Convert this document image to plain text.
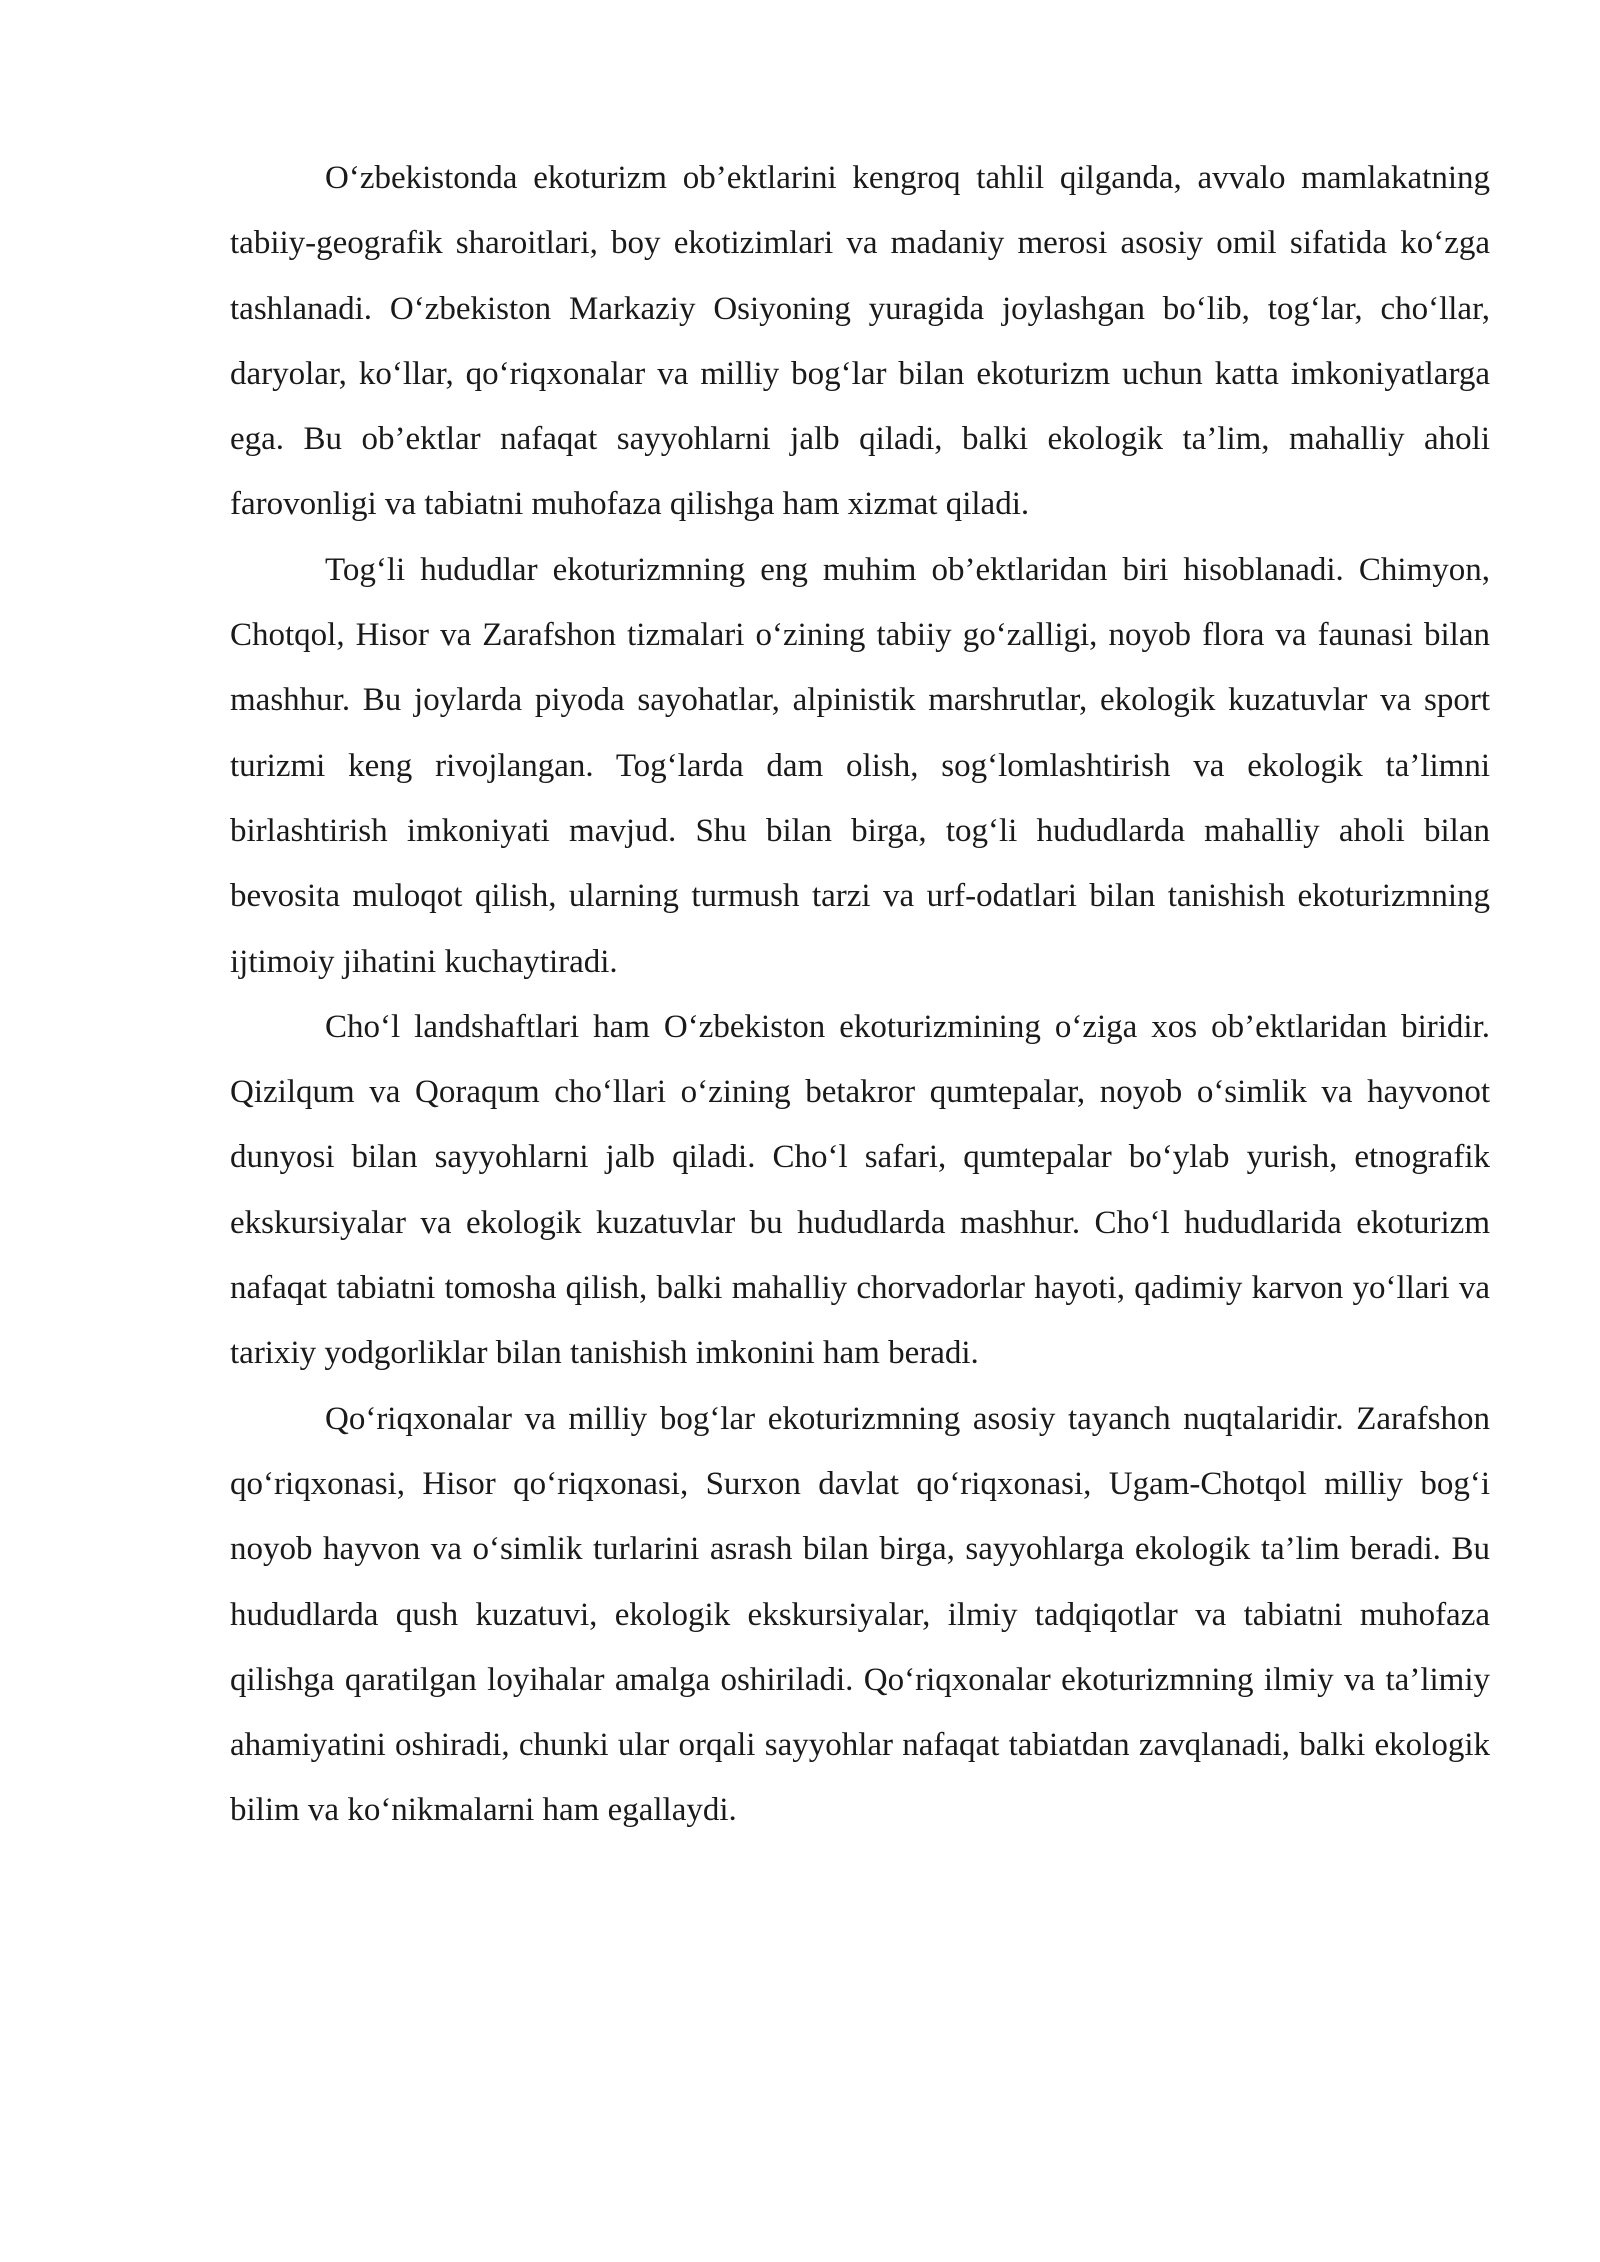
O‘zbekistonda ekoturizm ob’ektlarini kengroq tahlil qilganda, avvalo mamlakatning tabiiy-geografik sharoitlari, boy ekotizimlari va madaniy merosi asosiy omil sifatida ko‘zga tashlanadi. O‘zbekiston Markaziy Osiyoning yuragida joylashgan bo‘lib, tog‘lar, cho‘llar, daryolar, ko‘llar, qo‘riqxonalar va milliy bog‘lar bilan ekoturizm uchun katta imkoniyatlarga ega. Bu ob’ektlar nafaqat sayyohlarni jalb qiladi, balki ekologik ta’lim, mahalliy aholi farovonligi va tabiatni muhofaza qilishga ham xizmat qiladi.

Tog‘li hududlar ekoturizmning eng muhim ob’ektlaridan biri hisoblanadi. Chimyon, Chotqol, Hisor va Zarafshon tizmalari o‘zining tabiiy go‘zalligi, noyob flora va faunasi bilan mashhur. Bu joylarda piyoda sayohatlar, alpinistik marshrutlar, ekologik kuzatuvlar va sport turizmi keng rivojlangan. Tog‘larda dam olish, sog‘lomlashtirish va ekologik ta’limni birlashtirish imkoniyati mavjud. Shu bilan birga, tog‘li hududlarda mahalliy aholi bilan bevosita muloqot qilish, ularning turmush tarzi va urf-odatlari bilan tanishish ekoturizmning ijtimoiy jihatini kuchaytiradi.

Cho‘l landshaftlari ham O‘zbekiston ekoturizmining o‘ziga xos ob’ektlaridan biridir. Qizilqum va Qoraqum cho‘llari o‘zining betakror qumtepalar, noyob o‘simlik va hayvonot dunyosi bilan sayyohlarni jalb qiladi. Cho‘l safari, qumtepalar bo‘ylab yurish, etnografik ekskursiyalar va ekologik kuzatuvlar bu hududlarda mashhur. Cho‘l hududlarida ekoturizm nafaqat tabiatni tomosha qilish, balki mahalliy chorvadorlar hayoti, qadimiy karvon yo‘llari va tarixiy yodgorliklar bilan tanishish imkonini ham beradi.

Qo‘riqxonalar va milliy bog‘lar ekoturizmning asosiy tayanch nuqtalaridir. Zarafshon qo‘riqxonasi, Hisor qo‘riqxonasi, Surxon davlat qo‘riqxonasi, Ugam-Chotqol milliy bog‘i noyob hayvon va o‘simlik turlarini asrash bilan birga, sayyohlarga ekologik ta’lim beradi. Bu hududlarda qush kuzatuvi, ekologik ekskursiyalar, ilmiy tadqiqotlar va tabiatni muhofaza qilishga qaratilgan loyihalar amalga oshiriladi. Qo‘riqxonalar ekoturizmning ilmiy va ta’limiy ahamiyatini oshiradi, chunki ular orqali sayyohlar nafaqat tabiatdan zavqlanadi, balki ekologik bilim va ko‘nikmalarni ham egallaydi.
